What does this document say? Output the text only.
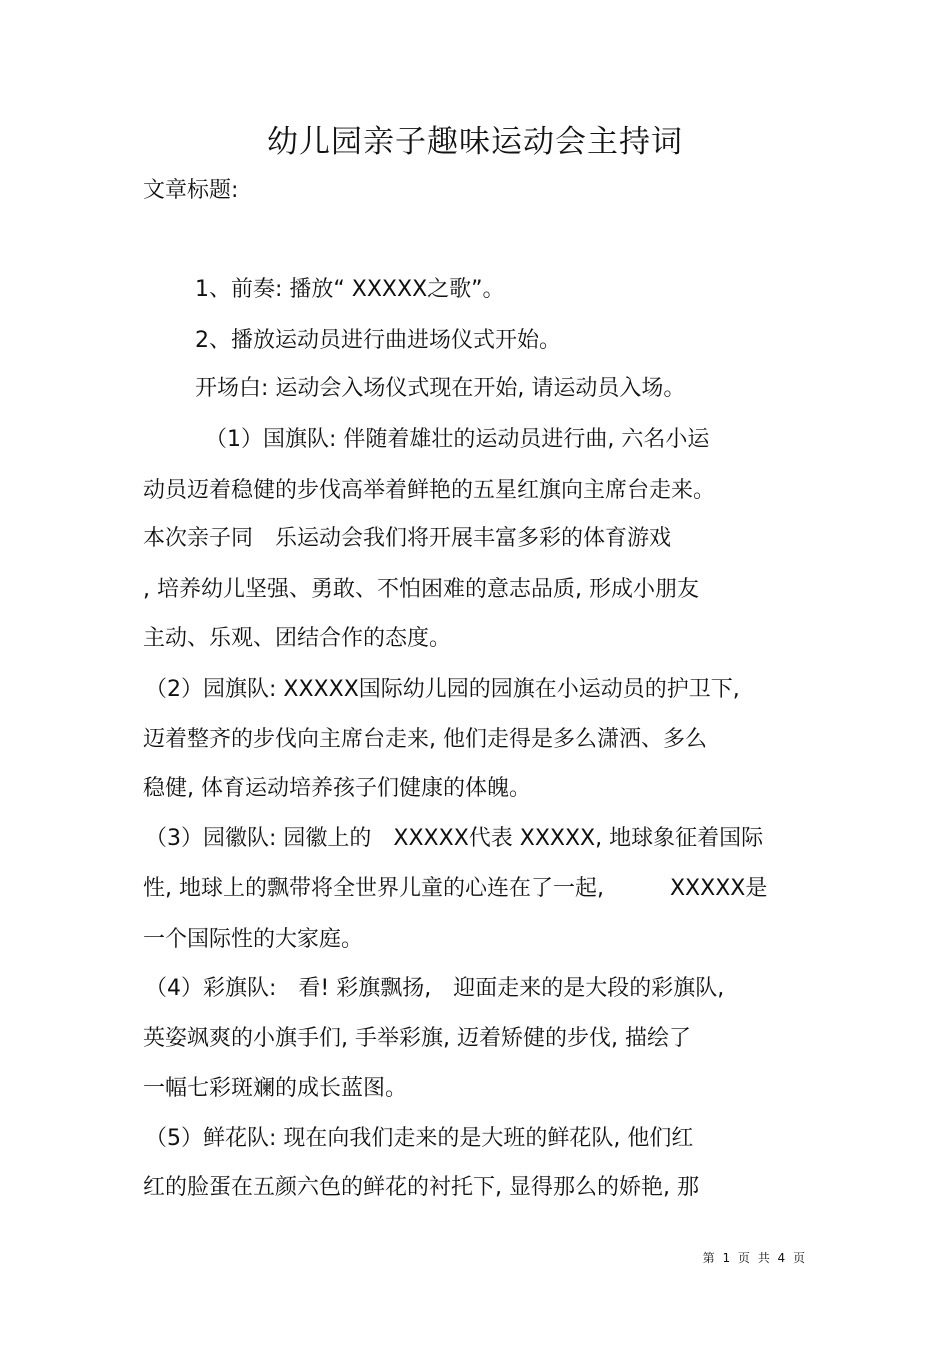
幼儿园亲子趣味运动会主持词
文章标题:
1、前奏: 播放“ XXXXX之歌”。
2、播放运动员进行曲进场仪式开始。
开场白: 运动会入场仪式现在开始, 请运动员入场。
（1）国旗队: 伴随着雄壮的运动员进行曲, 六名小运
动员迈着稳健的步伐高举着鲜艳的五星红旗向主席台走来。
本次亲子同　乐运动会我们将开展丰富多彩的体育游戏
, 培养幼儿坚强、勇敢、不怕困难的意志品质, 形成小朋友
主动、乐观、团结合作的态度。
（2）园旗队: XXXXX国际幼儿园的园旗在小运动员的护卫下,
迈着整齐的步伐向主席台走来, 他们走得是多么潇洒、多么
稳健, 体育运动培养孩子们健康的体魄。
（3）园徽队: 园徽上的　XXXXX代表 XXXXX, 地球象征着国际
性, 地球上的飘带将全世界儿童的心连在了一起,　　　XXXXX是
一个国际性的大家庭。
（4）彩旗队:　看! 彩旗飘扬,　迎面走来的是大段的彩旗队,
英姿飒爽的小旗手们, 手举彩旗, 迈着矫健的步伐, 描绘了
一幅七彩斑斓的成长蓝图。
（5）鲜花队: 现在向我们走来的是大班的鲜花队, 他们红
红的脸蛋在五颜六色的鲜花的衬托下, 显得那么的娇艳, 那
第 1 页 共 4 页
